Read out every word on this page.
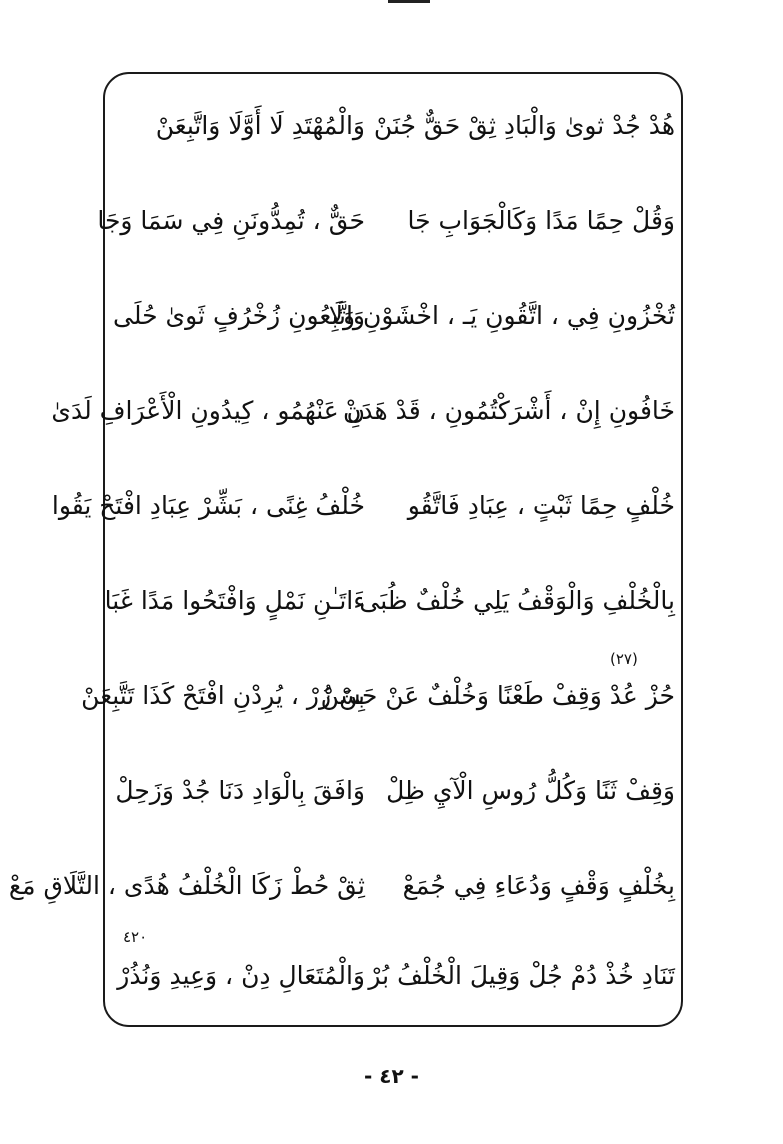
هُدْ جُدْ ثوىٰ وَالْبَادِ ثِقْ حَقٌّ جُنَنْ
وَالْمُهْتَدِ لَا أَوَّلَا وَاتَّبِعَنْ
وَقُلْ حِمًا مَدًا وَكَالْجَوَابِ جَا
حَقٌّ ، تُمِدُّونَنِ فِي سَمَا وَجَا
تُخْزُونِ فِي ، اتَّقُونِ يَـ ، اخْشَوْنِ وَلَا
وَاتَّبِعُونِ زُخْرُفٍ ثَوىٰ حُلَى
خَافُونِ إِنْ ، أَشْرَكْتُمُونِ ، قَدْ هَدَنْ
نِ عَنْهُمُو ، كِيدُونِ الْأَعْرَافِ لَدَىٰ
خُلْفٍ حِمًا ثَبْتٍ ، عِبَادِ فَاتَّقُو
خُلْفُ غِنًى ، بَشِّرْ عِبَادِ افْتَحْ يَقُوا
بِالْخُلْفِ وَالْوَقْفُ يَلِي خُلْفٌ ظُبَى
ءَاتَـٰنِ نَمْلٍ وَافْتَحُوا مَدًا غَبَا
حُزْ عُدْ وَقِفْ طَعْنًا وَخُلْفٌ عَنْ حَسَنْ
بِنْ زُرْ ، يُرِدْنِ افْتَحْ كَذَا تَتَّبِعَنْ
وَقِفْ ثَنًا وَكُلُّ رُوسِ الْآيِ ظِلْ
وَافَقَ بِالْوَادِ دَنَا جُدْ وَزَحِلْ
بِخُلْفٍ وَقْفٍ وَدُعَاءِ فِي جُمَعْ
ثِقْ حُطْ زَكَا الْخُلْفُ هُدًى ، التَّلَاقِ مَعْ
تَنَادِ خُذْ دُمْ جُلْ وَقِيلَ الْخُلْفُ بُرْ
وَالْمُتَعَالِ دِنْ ، وَعِيدِ وَنُذُرْ
(٢٧)
٤٢٠
- ٤٢ -
